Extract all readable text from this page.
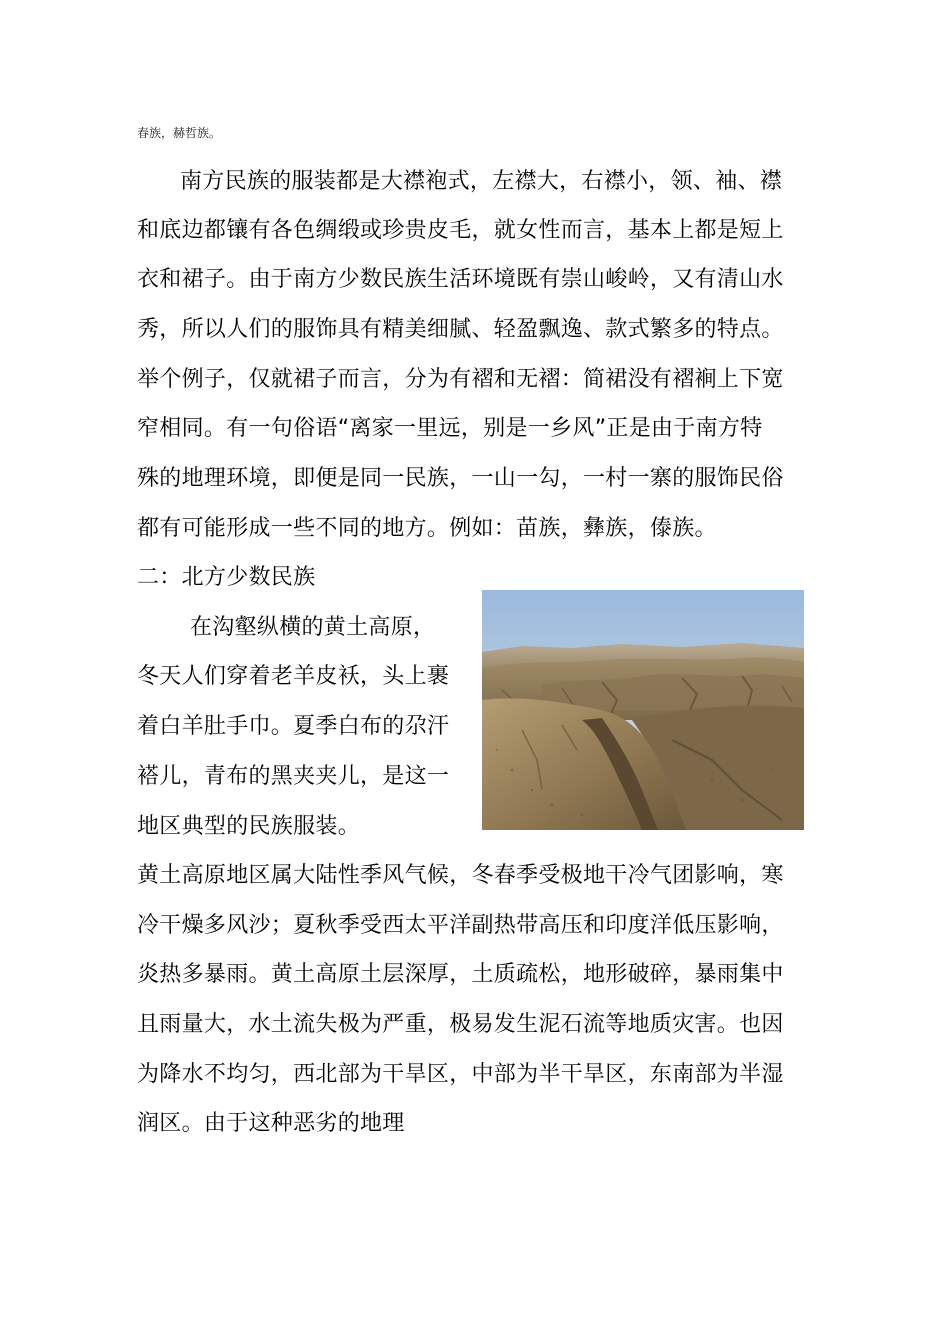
春族，赫哲族。
南方民族的服装都是大襟袍式，左襟大，右襟小，领、袖、襟
和底边都镶有各色绸缎或珍贵皮毛，就女性而言，基本上都是短上
衣和裙子。由于南方少数民族生活环境既有崇山峻岭，又有清山水
秀，所以人们的服饰具有精美细腻、轻盈飘逸、款式繁多的特点。
举个例子，仅就裙子而言，分为有褶和无褶：简裙没有褶裥上下宽
窄相同。有一句俗语“离家一里远，别是一乡风”正是由于南方特
殊的地理环境，即便是同一民族，一山一勾，一村一寨的服饰民俗
都有可能形成一些不同的地方。例如：苗族，彝族，傣族。
二：北方少数民族
在沟壑纵横的黄土高原，
冬天人们穿着老羊皮袄，头上裹
着白羊肚手巾。夏季白布的尕汗
褡儿，青布的黑夹夹儿，是这一
地区典型的民族服装。
黄土高原地区属大陆性季风气候，冬春季受极地干冷气团影响，寒
冷干燥多风沙；夏秋季受西太平洋副热带高压和印度洋低压影响，
炎热多暴雨。黄土高原土层深厚，土质疏松，地形破碎，暴雨集中
且雨量大，水土流失极为严重，极易发生泥石流等地质灾害。也因
为降水不均匀，西北部为干旱区，中部为半干旱区，东南部为半湿
润区。由于这种恶劣的地理
